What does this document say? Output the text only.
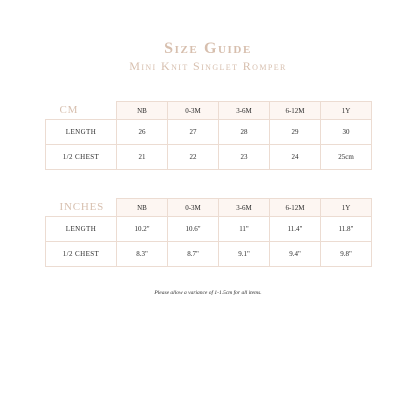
Size Guide
Mini Knit Singlet Romper
CM	NB	0-3M	3-6M	6-12M	1Y
LENGTH	26	27	28	29	30
1/2 CHEST	21	22	23	24	25cm
INCHES	NB	0-3M	3-6M	6-12M	1Y
LENGTH	10.2"	10.6"	11"	11.4"	11.8"
1/2 CHEST	8.3"	8.7"	9.1"	9.4"	9.8"
Please allow a variance of 1-1.5cm for all items.
